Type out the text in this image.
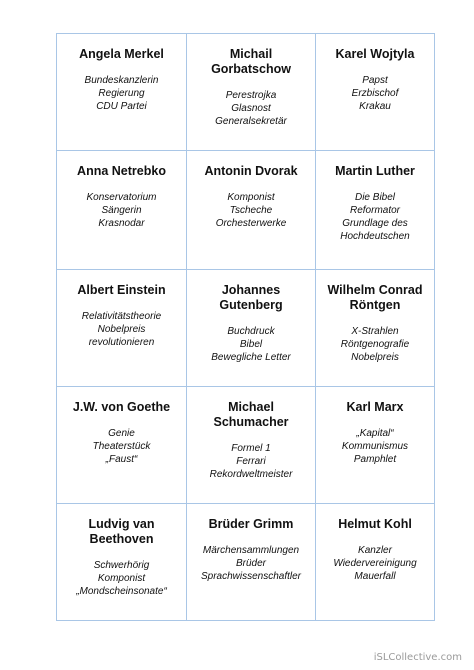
Angela Merkel
Bundeskanzlerin
Regierung
CDU Partei
Michail Gorbatschow
Perestrojka
Glasnost
Generalsekretär
Karel Wojtyla
Papst
Erzbischof
Krakau
Anna Netrebko
Konservatorium
Sängerin
Krasnodar
Antonin Dvorak
Komponist
Tscheche
Orchesterwerke
Martin Luther
Die Bibel
Reformator
Grundlage des
Hochdeutschen
Albert Einstein
Relativitätstheorie
Nobelpreis
revolutionieren
Johannes Gutenberg
Buchdruck
Bibel
Bewegliche Letter
Wilhelm Conrad Röntgen
X-Strahlen
Röntgenografie
Nobelpreis
J.W. von Goethe
Genie
Theaterstück
„Faust“
Michael Schumacher
Formel 1
Ferrari
Rekordweltmeister
Karl Marx
„Kapital“
Kommunismus
Pamphlet
Ludvig van Beethoven
Schwerhörig
Komponist
„Mondscheinsonate“
Brüder Grimm
Märchensammlungen
Brüder
Sprachwissenschaftler
Helmut Kohl
Kanzler
Wiedervereinigung
Mauerfall
iSLCollective.com
